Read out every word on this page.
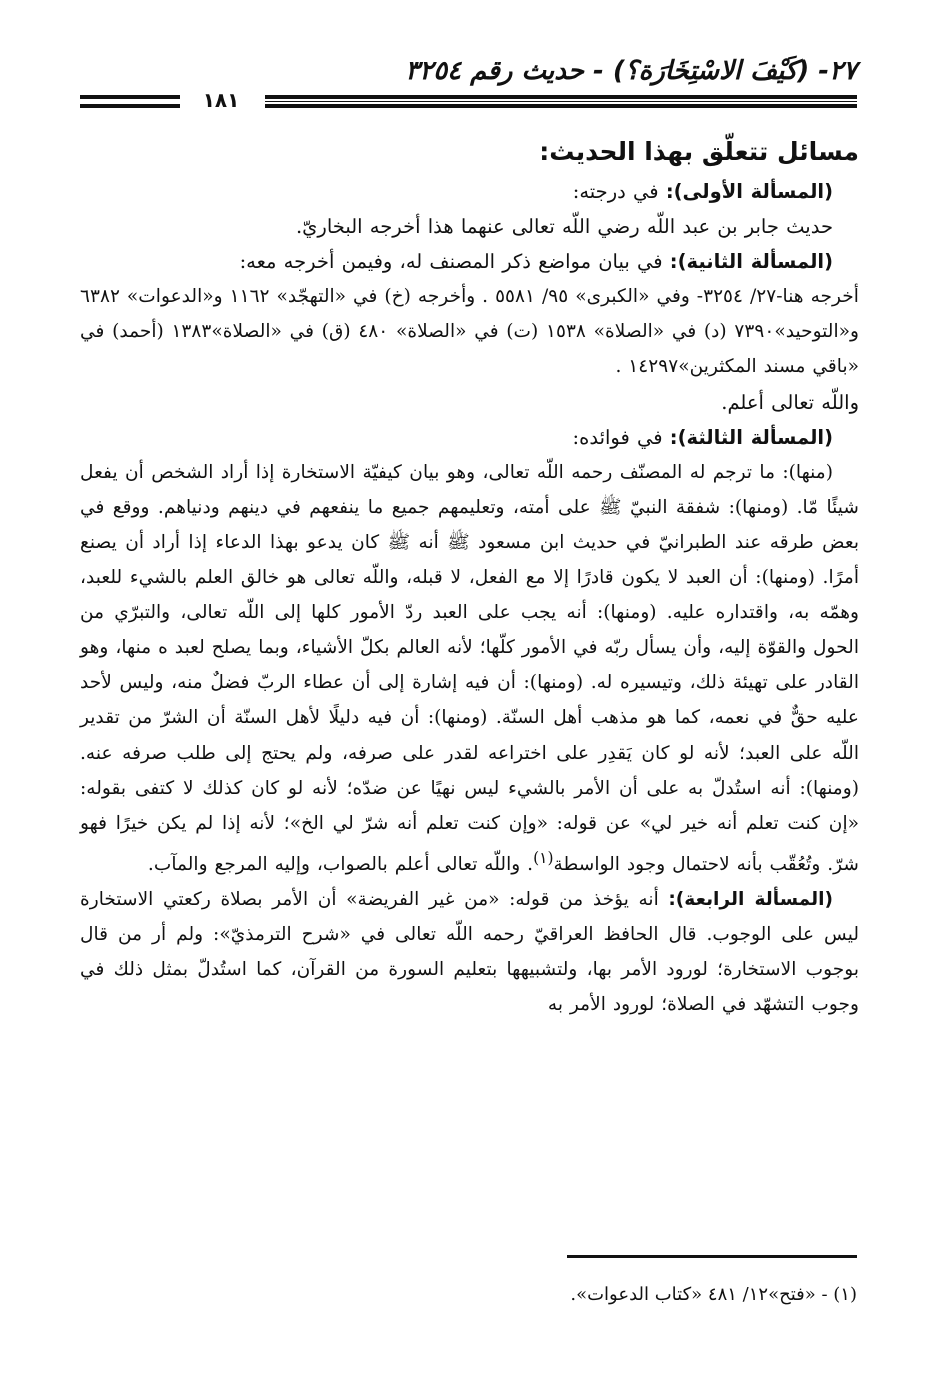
٢٧- (كَيْفَ الاسْتِخَارَة؟) - حديث رقم ٣٢٥٤
١٨١
مسائل تتعلّق بهذا الحديث:

(المسألة الأولى): في درجته:

حديث جابر بن عبد اللّه رضي اللّه تعالى عنهما هذا أخرجه البخاريّ.

(المسألة الثانية): في بيان مواضع ذكر المصنف له، وفيمن أخرجه معه:

أخرجه هنا-٢٧/ ٣٢٥٤- وفي «الكبرى» ٩٥/ ٥٥٨١ . وأخرجه (خ) في «التهجّد» ١١٦٢ و«الدعوات» ٦٣٨٢ و«التوحيد»٧٣٩٠ (د) في «الصلاة» ١٥٣٨ (ت) في «الصلاة» ٤٨٠ (ق) في «الصلاة»١٣٨٣ (أحمد) في «باقي مسند المكثرين»١٤٢٩٧ .

واللّه تعالى أعلم.

(المسألة الثالثة): في فوائده:

(منها): ما ترجم له المصنّف رحمه اللّه تعالى، وهو بيان كيفيّة الاستخارة إذا أراد الشخص أن يفعل شيئًا مّا. (ومنها): شفقة النبيّ ﷺ على أمته، وتعليمهم جميع ما ينفعهم في دينهم ودنياهم. ووقع في بعض طرقه عند الطبرانيّ في حديث ابن مسعود ﷺ أنه ﷺ كان يدعو بهذا الدعاء إذا أراد أن يصنع أمرًا. (ومنها): أن العبد لا يكون قادرًا إلا مع الفعل، لا قبله، واللّه تعالى هو خالق العلم بالشيء للعبد، وهمّه به، واقتداره عليه. (ومنها): أنه يجب على العبد ردّ الأمور كلها إلى اللّه تعالى، والتبرّي من الحول والقوّة إليه، وأن يسأل ربّه في الأمور كلّها؛ لأنه العالم بكلّ الأشياء، وبما يصلح لعبد ه منها، وهو القادر على تهيئة ذلك، وتيسيره له. (ومنها): أن فيه إشارة إلى أن عطاء الربّ فضلٌ منه، وليس لأحد عليه حقٌّ في نعمه، كما هو مذهب أهل السنّة. (ومنها): أن فيه دليلًا لأهل السنّة أن الشرّ من تقدير اللّه على العبد؛ لأنه لو كان يَقدِر على اختراعه لقدر على صرفه، ولم يحتج إلى طلب صرفه عنه. (ومنها): أنه استُدلّ به على أن الأمر بالشيء ليس نهيًا عن ضدّه؛ لأنه لو كان كذلك لا كتفى بقوله: «إن كنت تعلم أنه خير لي» عن قوله: «وإن كنت تعلم أنه شرّ لي الخ»؛ لأنه إذا لم يكن خيرًا فهو شرّ. وتُعُقّب بأنه لاحتمال وجود الواسطة$^{(١)}$. واللّه تعالى أعلم بالصواب، وإليه المرجع والمآب.

(المسألة الرابعة): أنه يؤخذ من قوله: «من غير الفريضة» أن الأمر بصلاة ركعتي الاستخارة ليس على الوجوب. قال الحافظ العراقيّ رحمه اللّه تعالى في «شرح الترمذيّ»: ولم أر من قال بوجوب الاستخارة؛ لورود الأمر بها، ولتشبيهها بتعليم السورة من القرآن، كما استُدلّ بمثل ذلك في وجوب التشهّد في الصلاة؛ لورود الأمر به

(١) - «فتح»١٢/ ٤٨١ «كتاب الدعوات».
